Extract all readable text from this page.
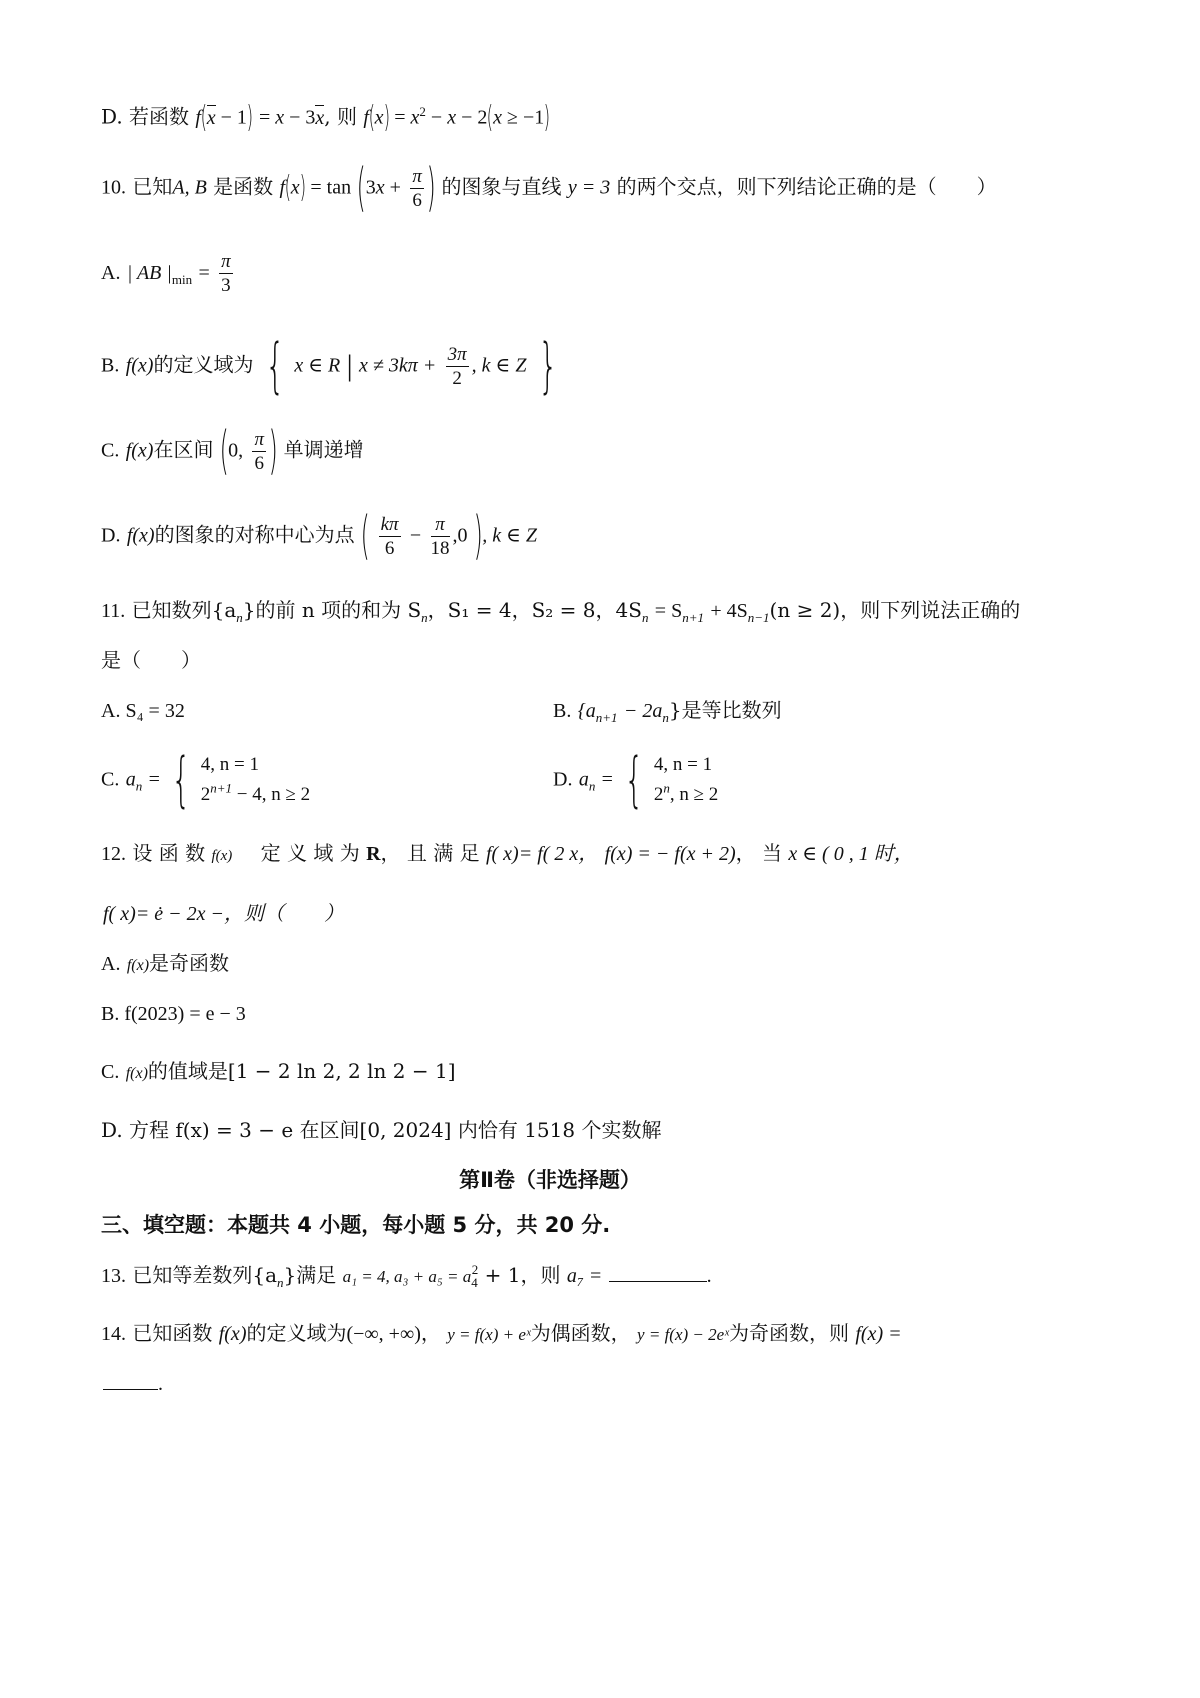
D. 若函数 f(x − 1) = x − 3x, 则 $f(x) = x^2 - x - 2(x \ge -1)$
10. 已知A, B 是函数 $f(x) = \tan (3x + \frac{\pi}{6}$ ) 的图象与直线 y = 3 的两个交点，则下列结论正确的是（　　）
A. | AB $|_{min} = \frac{\pi}{3}$
B. f(x)的定义域为 { x ∈ R | $x \ne 3k\pi + \frac{3\pi}{2}$ , k ∈ Z }
C. f(x)在区间 (0, $\frac{\pi}{6}$ ) 单调递增
D. f(x)的图象的对称中心为点 ( $\frac{k\pi}{6} - \frac{\pi}{18} ,0$ ), k ∈ Z
11. 已知数列$\{a_n\}$的前 n 项的和为 $S_n$，S₁ = 4，S₂ = 8，$4S_n = S_{n+1} + 4S_{n-1}(n \ge 2)$，则下列说法正确的
是（　　）
A. S₄ = 32	B. $\{a_{n+1} - 2a_n\}$是等比数列
C. $a_n$ = { 4, n = 1
$2^{n+1} - 4$, n ≥ 2
D. $a_n$ = { 4, n = 1
2$^n$, n ≥ 2
12. 设 函 数 f(x) 定 义 域 为 R， 且 满 足 f( x)= f( 2 x， f(x) = − f(x + 2)， 当 x ∈ ( 0 , 1 时，
f( x)= ė − 2x −，则（　　）
A. f(x)是奇函数
B. f(2023) = e − 3
C. f(x)的值域是[1 − 2 ln 2, 2 ln 2 − 1]
D. 方程 f(x) = 3 − e 在区间[0, 2024] 内恰有 1518 个实数解
第Ⅱ卷（非选择题）
三、填空题：本题共 4 小题，每小题 5 分，共 20 分.
13. 已知等差数列$\{a_n\}$满足 a₁ = 4, $a_3 + a_5 = a_4^2 + 1$，则 a₇ =	.
14. 已知函数 f(x)的定义域为(−∞, +∞)， y = f(x) + eˣ为偶函数， y = f(x) − 2eˣ为奇函数，则 f(x) =
.
